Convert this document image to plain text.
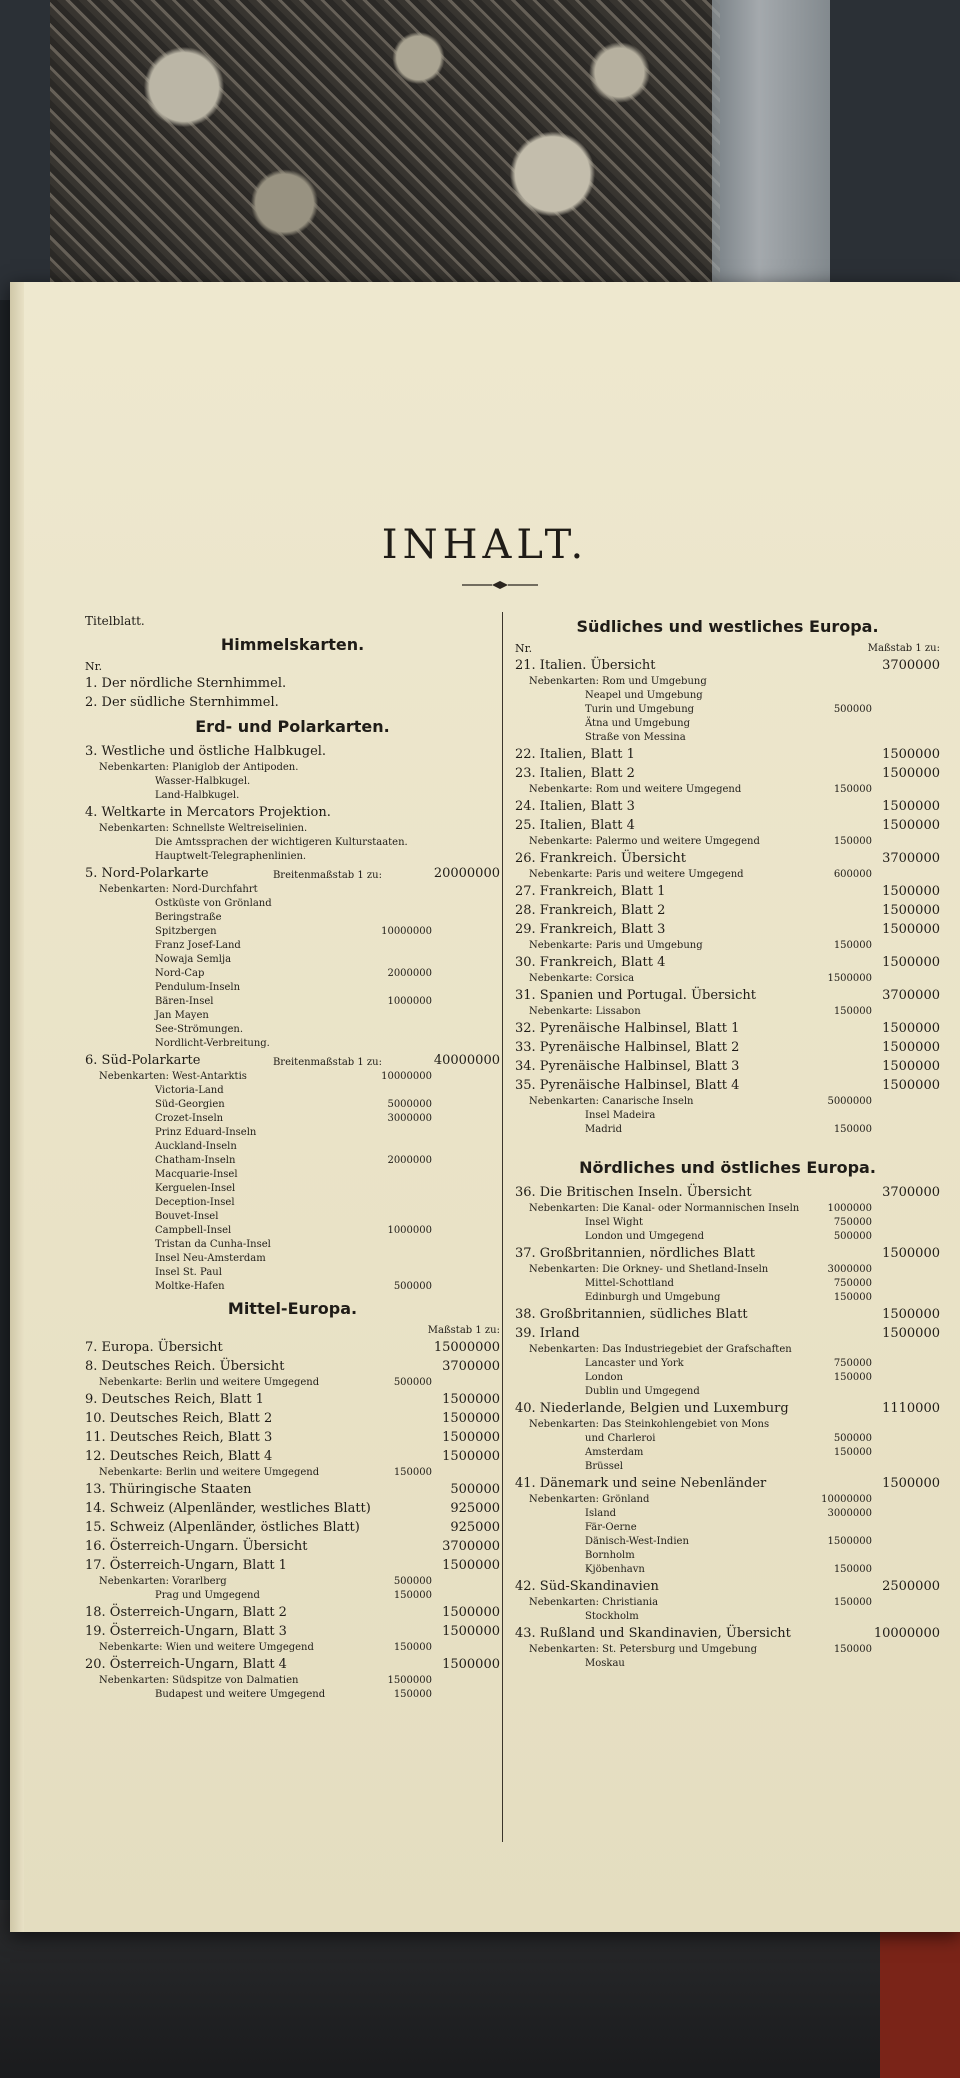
INHALT.
Titelblatt.
Himmelskarten.
Nr.
1. Der nördliche Sternhimmel.
2. Der südliche Sternhimmel.
Erd- und Polarkarten.
3. Westliche und östliche Halbkugel.
Nebenkarten: Planiglob der Antipoden.
Wasser-Halbkugel.
Land-Halbkugel.
4. Weltkarte in Mercators Projektion.
Nebenkarten: Schnellste Weltreiselinien.
Die Amtssprachen der wichtigeren Kulturstaaten.
Hauptwelt-Telegraphenlinien.
5. Nord-Polarkarte	Breitenmaßstab 1 zu:	20000000
Nebenkarten: Nord-Durchfahrt
Ostküste von Grönland
Beringstraße
Spitzbergen	10000000
Franz Josef-Land
Nowaja Semlja
Nord-Cap	2000000
Pendulum-Inseln
Bären-Insel	1000000
Jan Mayen
See-Strömungen.
Nordlicht-Verbreitung.
6. Süd-Polarkarte	Breitenmaßstab 1 zu:	40000000
Nebenkarten: West-Antarktis	10000000
Victoria-Land
Süd-Georgien	5000000
Crozet-Inseln	3000000
Prinz Eduard-Inseln
Auckland-Inseln
Chatham-Inseln	2000000
Macquarie-Insel
Kerguelen-Insel
Deception-Insel
Bouvet-Insel
Campbell-Insel	1000000
Tristan da Cunha-Insel
Insel Neu-Amsterdam
Insel St. Paul
Moltke-Hafen	500000
Mittel-Europa.
Maßstab 1 zu:
7. Europa. Übersicht	15000000
8. Deutsches Reich. Übersicht	3700000
Nebenkarte: Berlin und weitere Umgegend	500000
9. Deutsches Reich, Blatt 1	1500000
10. Deutsches Reich, Blatt 2	1500000
11. Deutsches Reich, Blatt 3	1500000
12. Deutsches Reich, Blatt 4	1500000
Nebenkarte: Berlin und weitere Umgegend	150000
13. Thüringische Staaten	500000
14. Schweiz (Alpenländer, westliches Blatt)	925000
15. Schweiz (Alpenländer, östliches Blatt)	925000
16. Österreich-Ungarn. Übersicht	3700000
17. Österreich-Ungarn, Blatt 1	1500000
Nebenkarten: Vorarlberg	500000
Prag und Umgegend	150000
18. Österreich-Ungarn, Blatt 2	1500000
19. Österreich-Ungarn, Blatt 3	1500000
Nebenkarte: Wien und weitere Umgegend	150000
20. Österreich-Ungarn, Blatt 4	1500000
Nebenkarten: Südspitze von Dalmatien	1500000
Budapest und weitere Umgegend	150000
Südliches und westliches Europa.
Nr.	Maßstab 1 zu:
21. Italien. Übersicht	3700000
Nebenkarten: Rom und Umgebung
Neapel und Umgebung
Turin und Umgebung	500000
Ätna und Umgebung
Straße von Messina
22. Italien, Blatt 1	1500000
23. Italien, Blatt 2	1500000
Nebenkarte: Rom und weitere Umgegend	150000
24. Italien, Blatt 3	1500000
25. Italien, Blatt 4	1500000
Nebenkarte: Palermo und weitere Umgegend	150000
26. Frankreich. Übersicht	3700000
Nebenkarte: Paris und weitere Umgegend	600000
27. Frankreich, Blatt 1	1500000
28. Frankreich, Blatt 2	1500000
29. Frankreich, Blatt 3	1500000
Nebenkarte: Paris und Umgebung	150000
30. Frankreich, Blatt 4	1500000
Nebenkarte: Corsica	1500000
31. Spanien und Portugal. Übersicht	3700000
Nebenkarte: Lissabon	150000
32. Pyrenäische Halbinsel, Blatt 1	1500000
33. Pyrenäische Halbinsel, Blatt 2	1500000
34. Pyrenäische Halbinsel, Blatt 3	1500000
35. Pyrenäische Halbinsel, Blatt 4	1500000
Nebenkarten: Canarische Inseln	5000000
Insel Madeira
Madrid	150000
Nördliches und östliches Europa.
36. Die Britischen Inseln. Übersicht	3700000
Nebenkarten: Die Kanal- oder Normannischen Inseln	1000000
Insel Wight	750000
London und Umgegend	500000
37. Großbritannien, nördliches Blatt	1500000
Nebenkarten: Die Orkney- und Shetland-Inseln	3000000
Mittel-Schottland	750000
Edinburgh und Umgebung	150000
38. Großbritannien, südliches Blatt	1500000
39. Irland	1500000
Nebenkarten: Das Industriegebiet der Grafschaften
Lancaster und York	750000
London	150000
Dublin und Umgegend
40. Niederlande, Belgien und Luxemburg	1110000
Nebenkarten: Das Steinkohlengebiet von Mons
und Charleroi	500000
Amsterdam	150000
Brüssel
41. Dänemark und seine Nebenländer	1500000
Nebenkarten: Grönland	10000000
Island	3000000
Fär-Oerne
Dänisch-West-Indien	1500000
Bornholm
Kjöbenhavn	150000
42. Süd-Skandinavien	2500000
Nebenkarten: Christiania	150000
Stockholm
43. Rußland und Skandinavien, Übersicht	10000000
Nebenkarten: St. Petersburg und Umgebung	150000
Moskau
